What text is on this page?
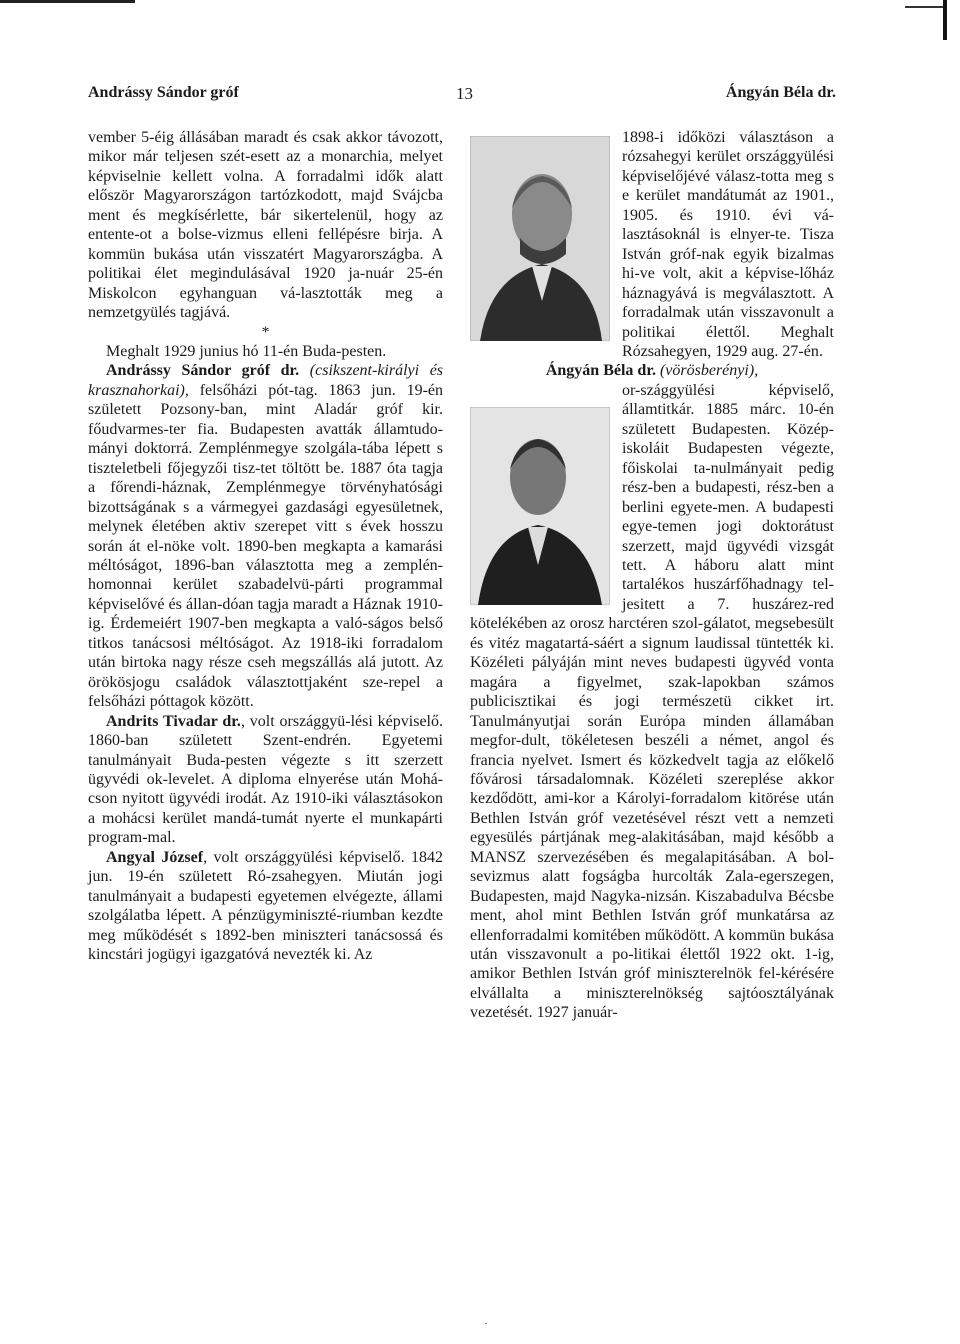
Andrássy Sándor gróf	13	Ángyán Béla dr.

vember 5-éig állásában maradt és csak akkor távozott, mikor már teljesen szét-esett az a monarchia, melyet képviselnie kellett volna. A forradalmi idők alatt először Magyarországon tartózkodott, majd Svájcba ment és megkísérlette, bár sikertelenül, hogy az entente-ot a bolse-vizmus elleni fellépésre birja. A kommün bukása után visszatért Magyarországba. A politikai élet megindulásával 1920 ja-nuár 25-én Miskolcon egyhanguan vá-lasztották meg a nemzetgyülés tagjává.

*

Meghalt 1929 junius hó 11-én Buda-pesten.

Andrássy Sándor gróf dr. (csikszent-királyi és krasznahorkai), felsőházi pót-tag. 1863 jun. 19-én született Pozsony-ban, mint Aladár gróf kir. főudvarmes-ter fia. Budapesten avatták államtudo-mányi doktorrá. Zemplénmegye szolgála-tába lépett s tiszteletbeli főjegyzői tisz-tet töltött be. 1887 óta tagja a főrendi-háznak, Zemplénmegye törvényhatósági bizottságának s a vármegyei gazdasági egyesületnek, melynek életében aktiv szerepet vitt s évek hosszu során át el-nöke volt. 1890-ben megkapta a kamarási méltóságot, 1896-ban választotta meg a zemplén-homonnai kerület szabadelvü-párti programmal képviselővé és állan-dóan tagja maradt a Háznak 1910-ig. Érdemeiért 1907-ben megkapta a való-ságos belső titkos tanácsosi méltóságot. Az 1918-iki forradalom után birtoka nagy része cseh megszállás alá jutott. Az örökösjogu családok választottjaként sze-repel a felsőházi póttagok között.

Andrits Tivadar dr., volt országgyü-lési képviselő. 1860-ban született Szent-endrén. Egyetemi tanulmányait Buda-pesten végezte s itt szerzett ügyvédi ok-levelet. A diploma elnyerése után Mohá-cson nyitott ügyvédi irodát. Az 1910-iki választásokon a mohácsi kerület mandá-tumát nyerte el munkapárti program-mal.

Angyal József, volt országgyülési képviselő. 1842 jun. 19-én született Ró-zsahegyen. Miután jogi tanulmányait a budapesti egyetemen elvégezte, állami szolgálatba lépett. A pénzügyminiszté-riumban kezdte meg működését s 1892-ben miniszteri tanácsossá és kincstári jogügyi igazgatóvá nevezték ki. Az

1898-i időközi választáson a rózsahegyi kerület országgyülési képviselőjévé válasz-totta meg s e kerület mandátumát az 1901., 1905. és 1910. évi vá-lasztásoknál is elnyer-te. Tisza István gróf-nak egyik bizalmas hi-ve volt, akit a képvise-lőház háznagyává is megválasztott. A forradalmak után visszavonult a politikai élettől. Meghalt Rózsahegyen, 1929 aug. 27-én.

Ángyán Béla dr. (vörösberényi),

or-szággyülési képviselő, államtitkár. 1885 márc. 10-én született Budapesten. Közép-iskoláit Budapesten végezte, főiskolai ta-nulmányait pedig rész-ben a budapesti, rész-ben a berlini egyete-men. A budapesti egye-temen jogi doktorátust szerzett, majd ügyvédi vizsgát tett. A háboru alatt mint tartalékos huszárfőhadnagy tel-jesitett a 7. huszárez-red kötelékében az orosz harctéren szol-gálatot, megsebesült és vitéz magatartá-sáért a signum laudissal tüntették ki. Közéleti pályáján mint neves budapesti ügyvéd vonta magára a figyelmet, szak-lapokban számos publicisztikai és jogi természetü cikket irt. Tanulmányutjai során Európa minden államában megfor-dult, tökéletesen beszéli a német, angol és francia nyelvet. Ismert és közkedvelt tagja az előkelő fővárosi társadalomnak. Közéleti szereplése akkor kezdődött, ami-kor a Károlyi-forradalom kitörése után Bethlen István gróf vezetésével részt vett a nemzeti egyesülés pártjának meg-alakitásában, majd később a MANSZ szervezésében és megalapitásában. A bol-sevizmus alatt fogságba hurcolták Zala-egerszegen, Budapesten, majd Nagyka-nizsán. Kiszabadulva Bécsbe ment, ahol mint Bethlen István gróf munkatársa az ellenforradalmi komitében működött. A kommün bukása után visszavonult a po-litikai élettől 1922 okt. 1-ig, amikor Bethlen István gróf miniszterelnök fel-kérésére elvállalta a miniszterelnökség sajtóosztályának vezetését. 1927 január-

·
